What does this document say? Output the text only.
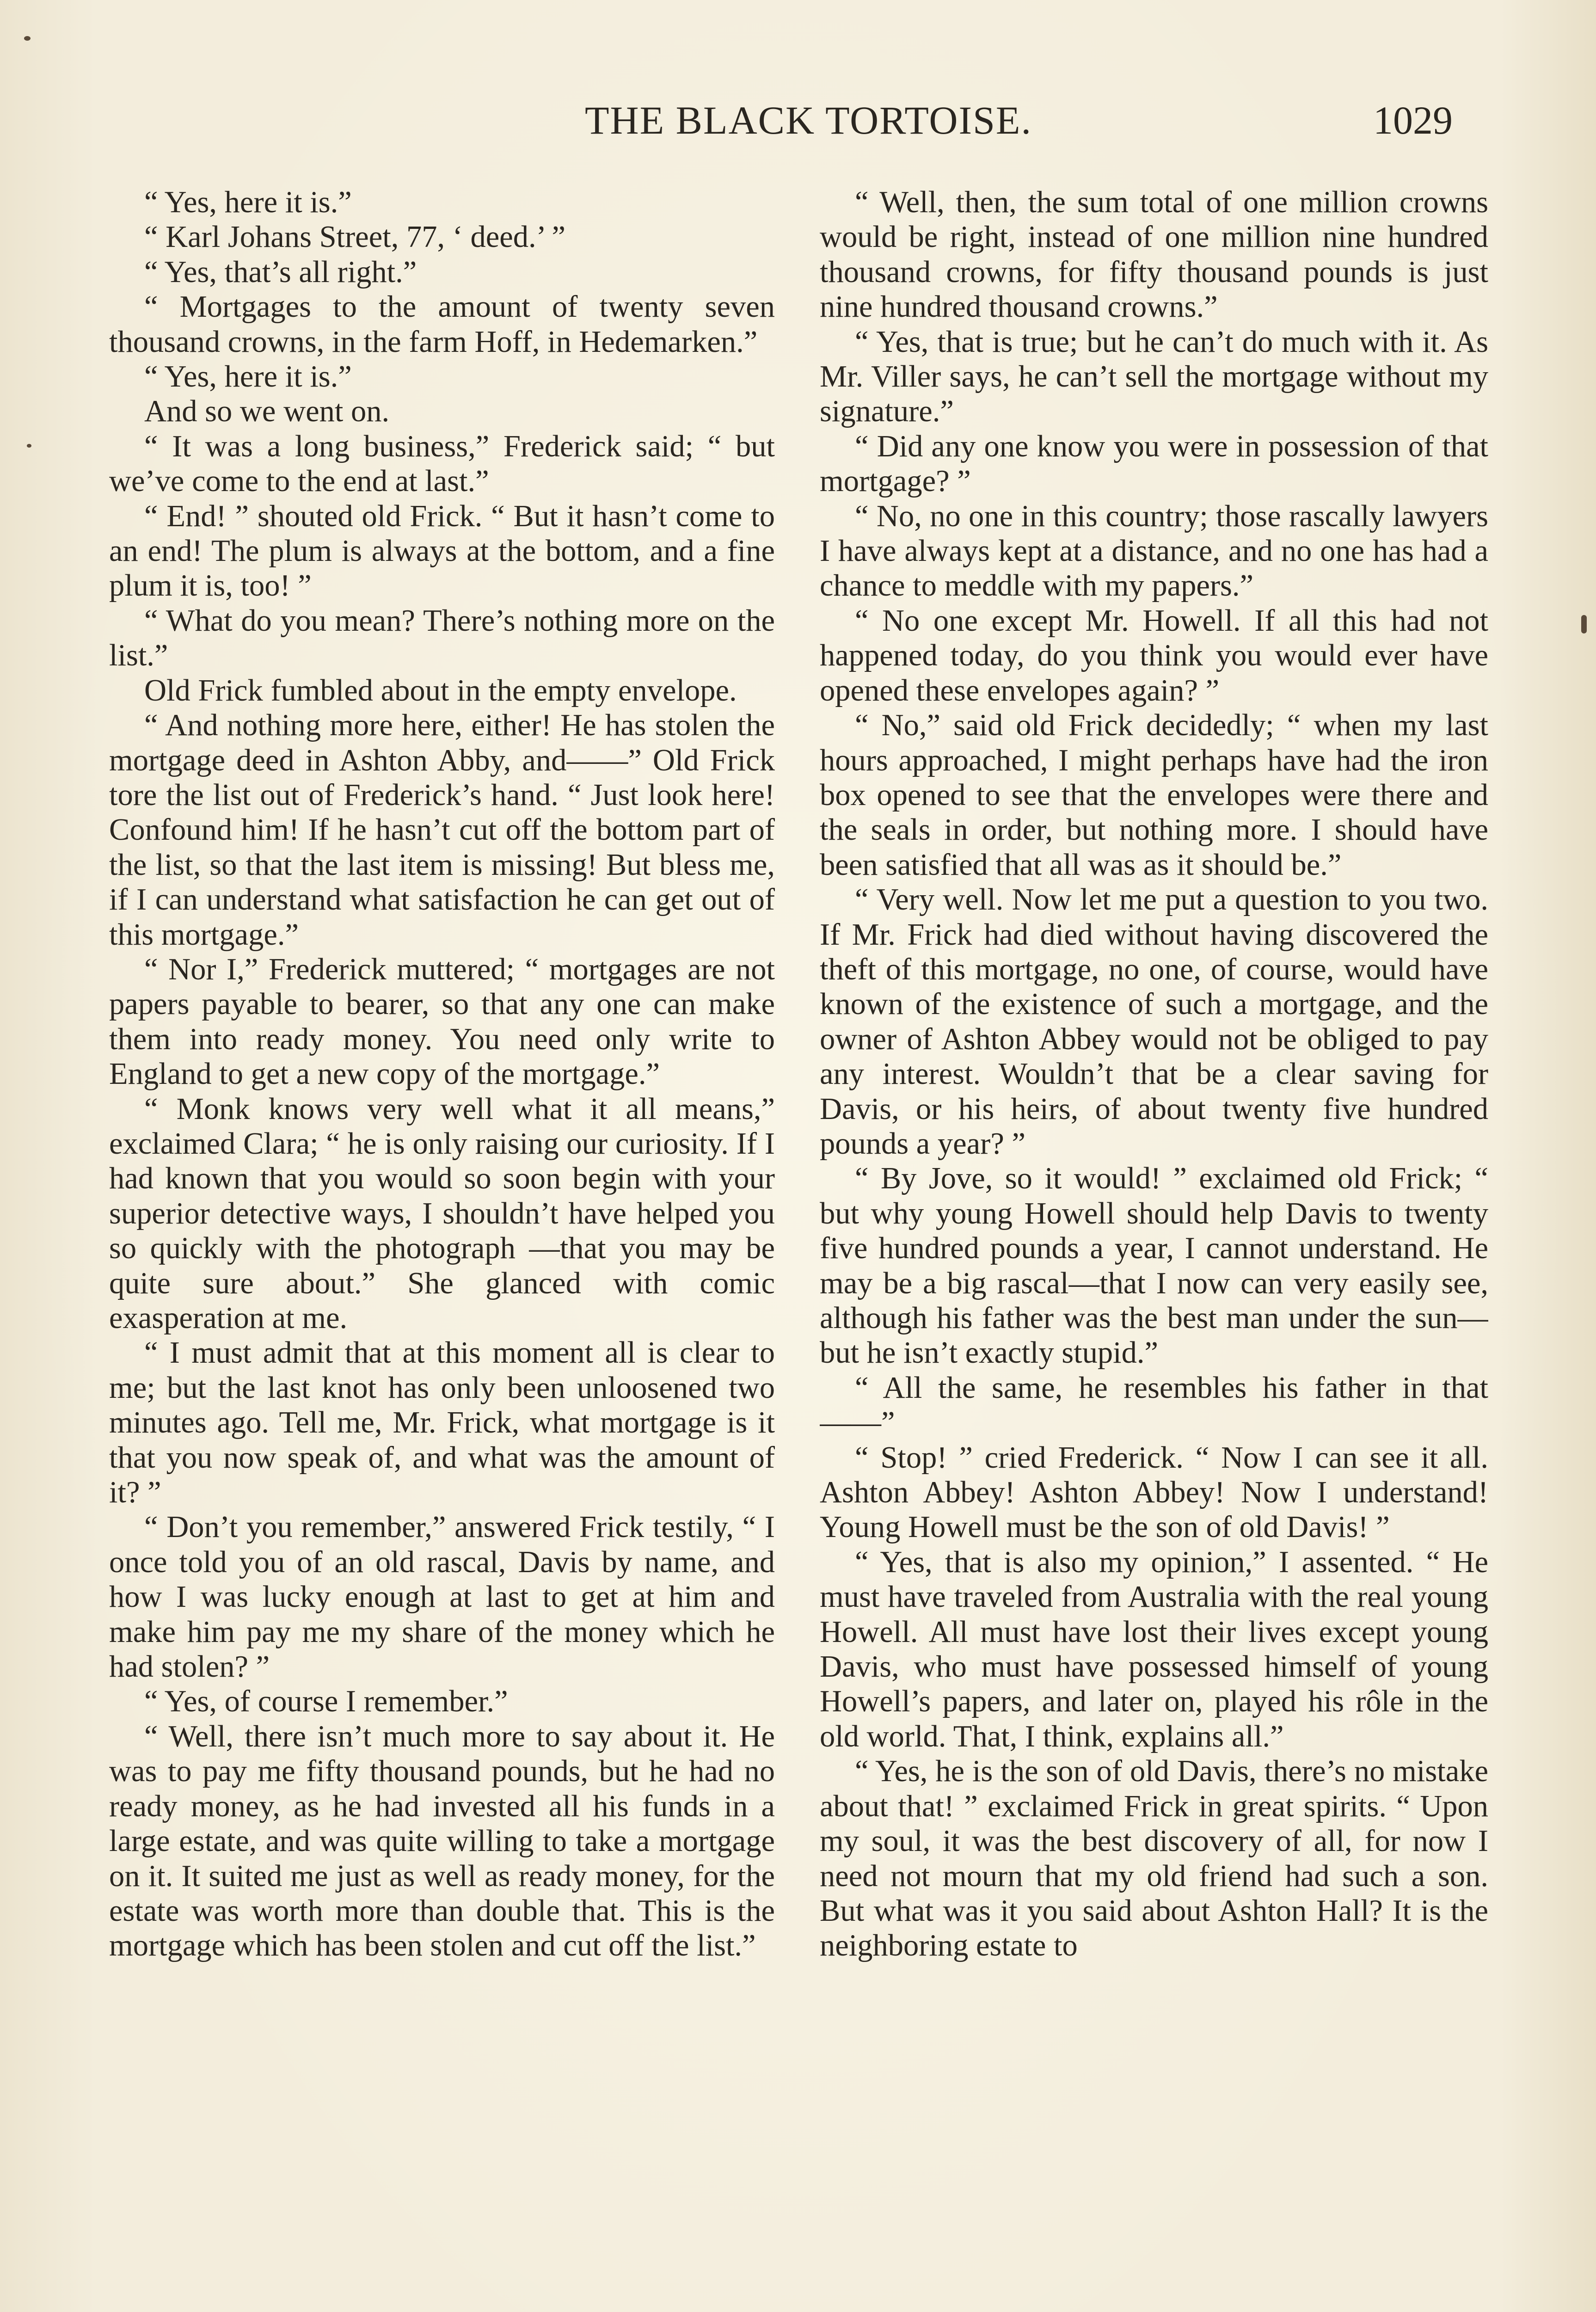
THE BLACK TORTOISE.	1029

“ Yes, here it is.”

“ Karl Johans Street, 77, ‘ deed.’ ”

“ Yes, that’s all right.”

“ Mortgages to the amount of twenty seven thousand crowns, in the farm Hoff, in Hedemarken.”

“ Yes, here it is.”

And so we went on.

“ It was a long business,” Frederick said; “ but we’ve come to the end at last.”

“ End! ” shouted old Frick. “ But it hasn’t come to an end! The plum is always at the bottom, and a fine plum it is, too! ”

“ What do you mean? There’s nothing more on the list.”

Old Frick fumbled about in the empty envelope.

“ And nothing more here, either! He has stolen the mortgage deed in Ashton Abby, and——” Old Frick tore the list out of Frederick’s hand. “ Just look here! Confound him! If he hasn’t cut off the bottom part of the list, so that the last item is missing! But bless me, if I can understand what satisfaction he can get out of this mortgage.”

“ Nor I,” Frederick muttered; “ mortgages are not papers payable to bearer, so that any one can make them into ready money. You need only write to England to get a new copy of the mortgage.”

“ Monk knows very well what it all means,” exclaimed Clara; “ he is only raising our curiosity. If I had known that you would so soon begin with your superior detective ways, I shouldn’t have helped you so quickly with the photograph —that you may be quite sure about.” She glanced with comic exasperation at me.

“ I must admit that at this moment all is clear to me; but the last knot has only been unloosened two minutes ago. Tell me, Mr. Frick, what mortgage is it that you now speak of, and what was the amount of it? ”

“ Don’t you remember,” answered Frick testily, “ I once told you of an old rascal, Davis by name, and how I was lucky enough at last to get at him and make him pay me my share of the money which he had stolen? ”

“ Yes, of course I remember.”

“ Well, there isn’t much more to say about it. He was to pay me fifty thousand pounds, but he had no ready money, as he had invested all his funds in a large estate, and was quite willing to take a mortgage on it. It suited me just as well as ready money, for the estate was worth more than double that. This is the mortgage which has been stolen and cut off the list.”

“ Well, then, the sum total of one million crowns would be right, instead of one million nine hundred thousand crowns, for fifty thousand pounds is just nine hundred thousand crowns.”

“ Yes, that is true; but he can’t do much with it. As Mr. Viller says, he can’t sell the mortgage without my signature.”

“ Did any one know you were in possession of that mortgage? ”

“ No, no one in this country; those rascally lawyers I have always kept at a distance, and no one has had a chance to meddle with my papers.”

“ No one except Mr. Howell. If all this had not happened today, do you think you would ever have opened these envelopes again? ”

“ No,” said old Frick decidedly; “ when my last hours approached, I might perhaps have had the iron box opened to see that the envelopes were there and the seals in order, but nothing more. I should have been satisfied that all was as it should be.”

“ Very well. Now let me put a question to you two. If Mr. Frick had died without having discovered the theft of this mortgage, no one, of course, would have known of the existence of such a mortgage, and the owner of Ashton Abbey would not be obliged to pay any interest. Wouldn’t that be a clear saving for Davis, or his heirs, of about twenty five hundred pounds a year? ”

“ By Jove, so it would! ” exclaimed old Frick; “ but why young Howell should help Davis to twenty five hundred pounds a year, I cannot understand. He may be a big rascal—that I now can very easily see, although his father was the best man under the sun—but he isn’t exactly stupid.”

“ All the same, he resembles his father in that——”

“ Stop! ” cried Frederick. “ Now I can see it all. Ashton Abbey! Ashton Abbey! Now I understand! Young Howell must be the son of old Davis! ”

“ Yes, that is also my opinion,” I assented. “ He must have traveled from Australia with the real young Howell. All must have lost their lives except young Davis, who must have possessed himself of young Howell’s papers, and later on, played his rôle in the old world. That, I think, explains all.”

“ Yes, he is the son of old Davis, there’s no mistake about that! ” exclaimed Frick in great spirits. “ Upon my soul, it was the best discovery of all, for now I need not mourn that my old friend had such a son. But what was it you said about Ashton Hall? It is the neighboring estate to
